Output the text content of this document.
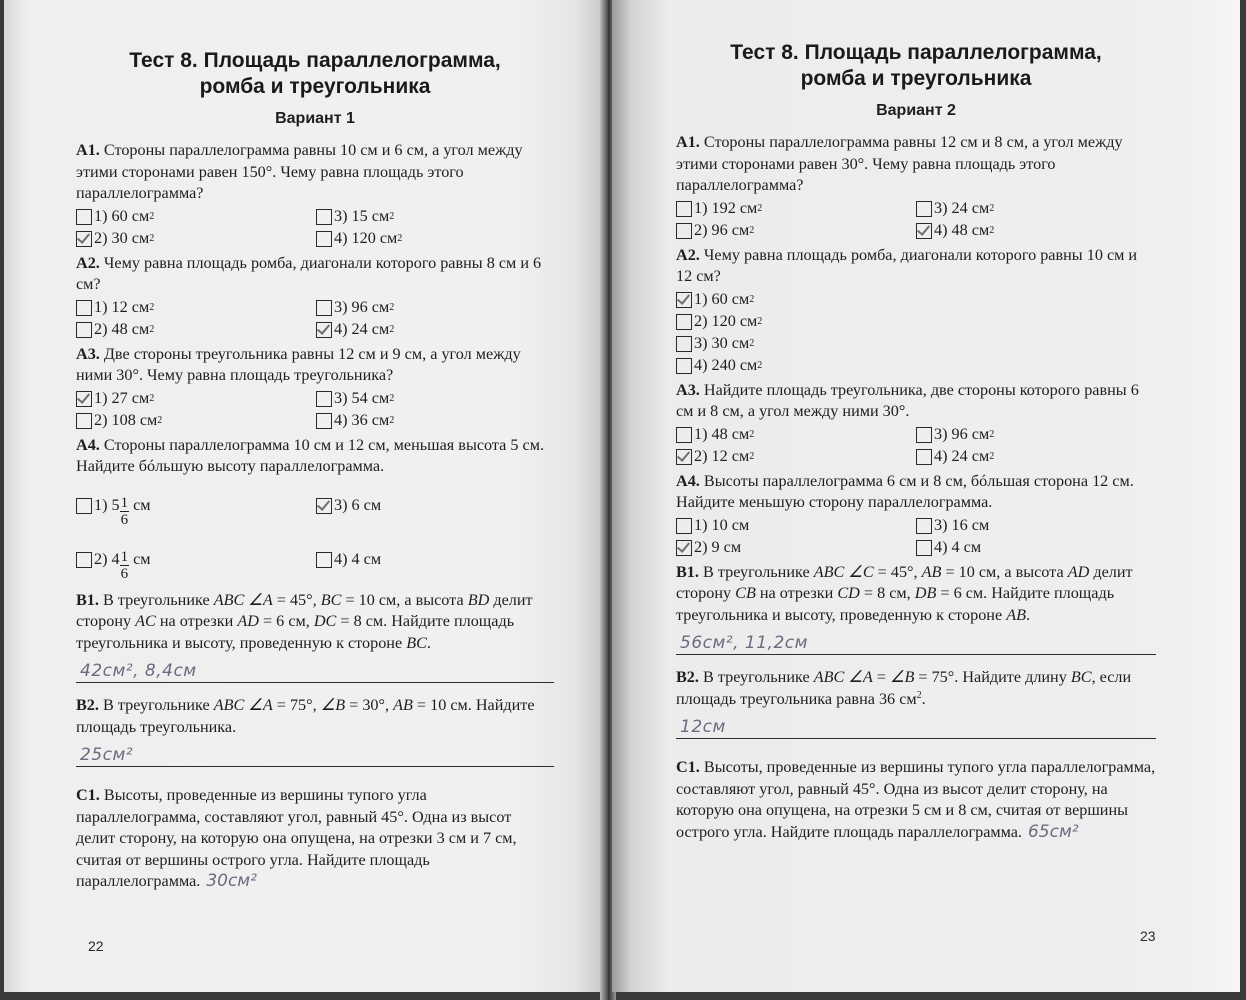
Тест 8. Площадь параллелограмма,
ромба и треугольника

Вариант 1

А1. Стороны параллелограмма равны 10 см и 6 см, а угол между этими сторонами равен 150°. Чему равна площадь этого параллелограмма?

1) 60 см 2	3) 15 см 2
2) 30 см 2	4) 120 см 2

А2. Чему равна площадь ромба, диагонали которого равны 8 см и 6 см?

1) 12 см 2	3) 96 см 2
2) 48 см 2	4) 24 см 2

А3. Две стороны треугольника равны 12 см и 9 см, а угол между ними 30°. Чему равна площадь треугольника?

1) 27 см 2	3) 54 см 2
2) 108 см 2	4) 36 см 2

А4. Стороны параллелограмма 10 см и 12 см, меньшая высота 5 см. Найдите бóльшую высоту параллелограмма.

1) $5 \frac{1}{6}$ см	3) 6 см
2) $4 \frac{1}{6}$ см	4) 4 см

В1. В треугольнике ABC ∠A = 45°, BC = 10 см, а высота BD делит сторону AC на отрезки AD = 6 см, DC = 8 см. Найдите площадь треугольника и высоту, проведенную к стороне BC.

42см², 8,4см

В2. В треугольнике ABC ∠A = 75°, ∠B = 30°, AB = 10 см. Найдите площадь треугольника.

25см²

С1. Высоты, проведенные из вершины тупого угла параллелограмма, составляют угол, равный 45°. Одна из высот делит сторону, на которую она опущена, на отрезки 3 см и 7 см, считая от вершины острого угла. Найдите площадь параллелограмма. 30см²

22

Тест 8. Площадь параллелограмма,
ромба и треугольника

Вариант 2

А1. Стороны параллелограмма равны 12 см и 8 см, а угол между этими сторонами равен 30°. Чему равна площадь этого параллелограмма?

1) 192 см 2	3) 24 см 2
2) 96 см 2	4) 48 см 2

А2. Чему равна площадь ромба, диагонали которого равны 10 см и 12 см?

1) 60 см 2
2) 120 см 2
3) 30 см 2
4) 240 см 2

А3. Найдите площадь треугольника, две стороны которого равны 6 см и 8 см, а угол между ними 30°.

1) 48 см 2	3) 96 см 2
2) 12 см 2	4) 24 см 2

А4. Высоты параллелограмма 6 см и 8 см, бóльшая сторона 12 см. Найдите меньшую сторону параллелограмма.

1) 10 см	3) 16 см
2) 9 см	4) 4 см

В1. В треугольнике ABC ∠C = 45°, AB = 10 см, а высота AD делит сторону CB на отрезки CD = 8 см, DB = 6 см. Найдите площадь треугольника и высоту, проведенную к стороне AB.

56см², 11,2см

В2. В треугольнике ABC ∠A = ∠B = 75°. Найдите длину BC, если площадь треугольника равна 36 $см^2$.

12см

С1. Высоты, проведенные из вершины тупого угла параллелограмма, составляют угол, равный 45°. Одна из высот делит сторону, на которую она опущена, на отрезки 5 см и 8 см, считая от вершины острого угла. Найдите площадь параллелограмма. 65см²

23
